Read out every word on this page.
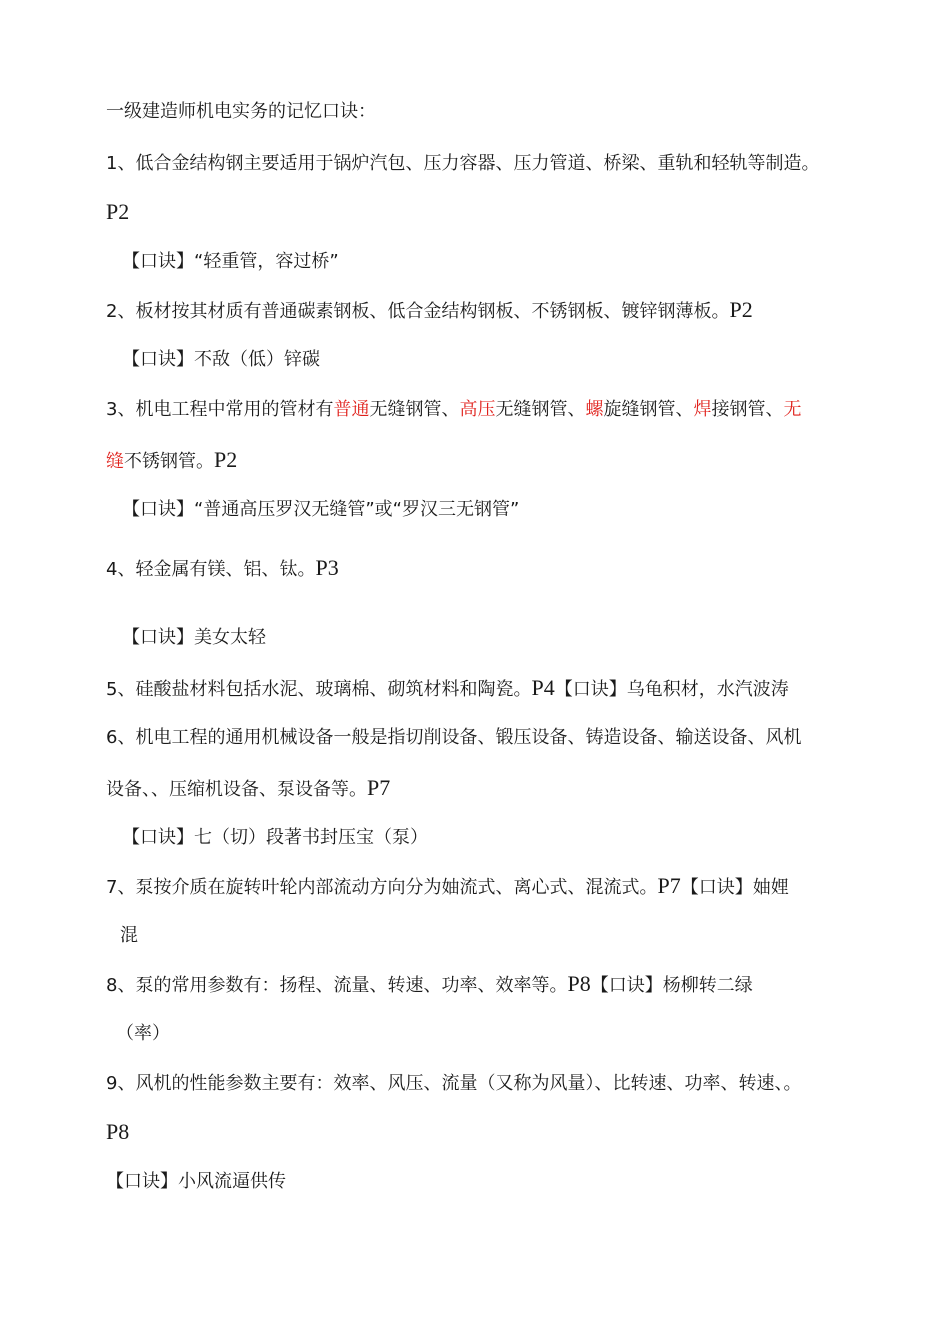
一级建造师机电实务的记忆口诀：
1、低合金结构钢主要适用于锅炉汽包、压力容器、压力管道、桥梁、重轨和轻轨等制造。
P2
【口诀】“轻重管，容过桥”
2、板材按其材质有普通碳素钢板、低合金结构钢板、不锈钢板、镀锌钢薄板。P2
【口诀】不敌（低）锌碳
3、机电工程中常用的管材有普通无缝钢管、高压无缝钢管、螺旋缝钢管、焊接钢管、无
缝不锈钢管。P2
【口诀】“普通高压罗汉无缝管”或“罗汉三无钢管”
4、轻金属有镁、铝、钛。P3
【口诀】美女太轻
5、硅酸盐材料包括水泥、玻璃棉、砌筑材料和陶瓷。P4【口诀】乌龟积材，水汽波涛
6、机电工程的通用机械设备一般是指切削设备、锻压设备、铸造设备、输送设备、风机
设备、、压缩机设备、泵设备等。P7
【口诀】七（切）段著书封压宝（泵）
7、泵按介质在旋转叶轮内部流动方向分为妯流式、离心式、混流式。P7【口诀】妯娌
混
8、泵的常用参数有：扬程、流量、转速、功率、效率等。P8【口诀】杨柳转二绿
（率）
9、风机的性能参数主要有：效率、风压、流量（又称为风量）、比转速、功率、转速、。
P8
【口诀】小风流逼供传
